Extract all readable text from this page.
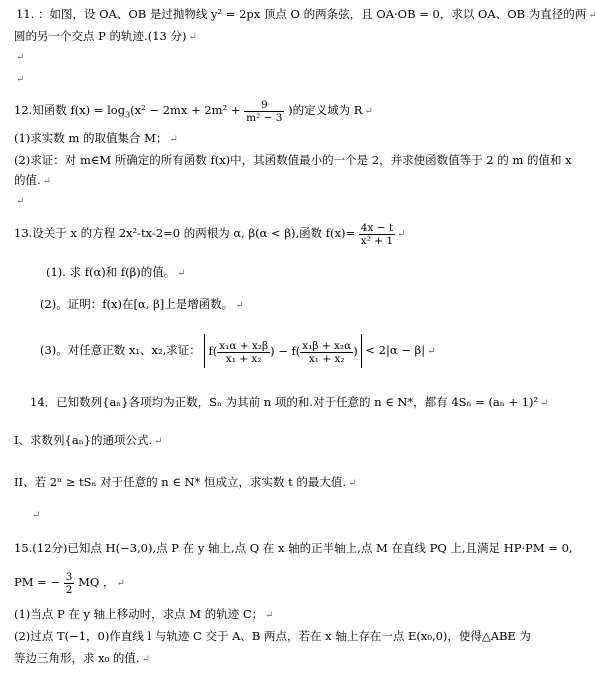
11. ：如图，设 OA、OB 是过抛物线 y² = 2px 顶点 O 的两条弦，且 OA·OB = 0，求以 OA、OB 为直径的两 ↵
圆的另一个交点 P 的轨迹.(13 分) ↵
↵
↵
12.知函数 $f(x) = \log_3(x^2 - 2mx + 2m^2 + \frac{9}{\text{m² − 3}}$ )的定义域为 R ↵
(1)求实数 m 的取值集合 M； ↵
(2)求证：对 m∈M 所确定的所有函数 f(x)中，其函数值最小的一个是 2，并求使函数值等于 2 的 m 的值和 x
的值. ↵
↵
13.设关于 x 的方程 2x²-tx-2=0 的两根为 α, β(α < β),函数 $f(x)= \frac{4x - t}{\text{x² + 1}}$ ↵
(1). 求 f(α)和 f(β)的值。 ↵
(2)。证明：f(x)在[α, β]上是增函数。 ↵
(3)。对任意正数 x₁、x₂,求证： $f( \frac{\text{x₁α + x₂β}}{\text{x₁ + x₂}}$ ) − $f( \frac{\text{x₁β + x₂α}}{\text{x₁ + x₂}}$ ) < 2|α − β| ↵
14．已知数列{aₙ}各项均为正数，Sₙ 为其前 n 项的和.对于任意的 n ∈ N*，都有 4Sₙ = (aₙ + 1)² ↵
I、求数列{aₙ}的通项公式. ↵
II、若 2ⁿ ≥ tSₙ 对于任意的 n ∈ N* 恒成立，求实数 t 的最大值. ↵
↵
15.(12分)已知点 H(−3,0),点 P 在 y 轴上,点 Q 在 x 轴的正半轴上,点 M 在直线 PQ 上,且满足 HP·PM = 0,
PM = − $\frac{3}{2}$ MQ ， ↵
(1)当点 P 在 y 轴上移动时，求点 M 的轨迹 C； ↵
(2)过点 T(−1，0)作直线 l 与轨迹 C 交于 A、B 两点，若在 x 轴上存在一点 E(x₀,0)，使得△ABE 为
等边三角形，求 x₀ 的值. ↵
